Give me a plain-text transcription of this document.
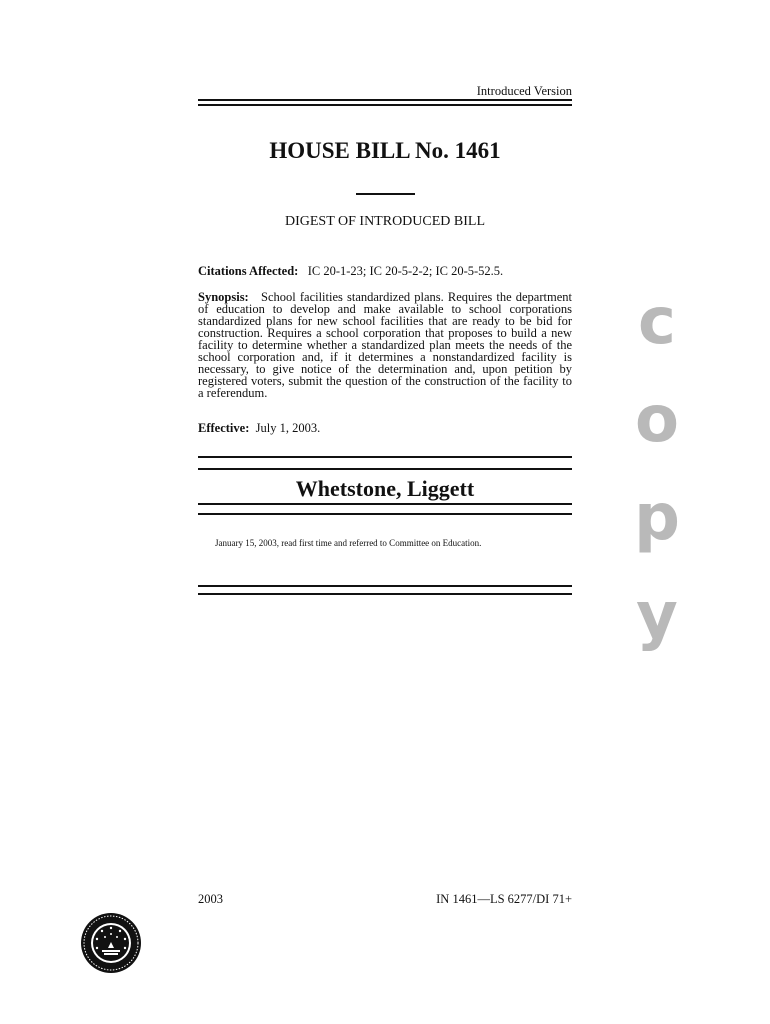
Introduced Version
HOUSE BILL No. 1461
DIGEST OF INTRODUCED BILL
Citations Affected: IC 20-1-23; IC 20-5-2-2; IC 20-5-52.5.
Synopsis: School facilities standardized plans. Requires the department of education to develop and make available to school corporations standardized plans for new school facilities that are ready to be bid for construction. Requires a school corporation that proposes to build a new facility to determine whether a standardized plan meets the needs of the school corporation and, if it determines a nonstandardized facility is necessary, to give notice of the determination and, upon petition by registered voters, submit the question of the construction of the facility to a referendum.
Effective: July 1, 2003.
Whetstone, Liggett
January 15, 2003, read first time and referred to Committee on Education.
c
o
p
y
2003	IN 1461—LS 6277/DI 71+
